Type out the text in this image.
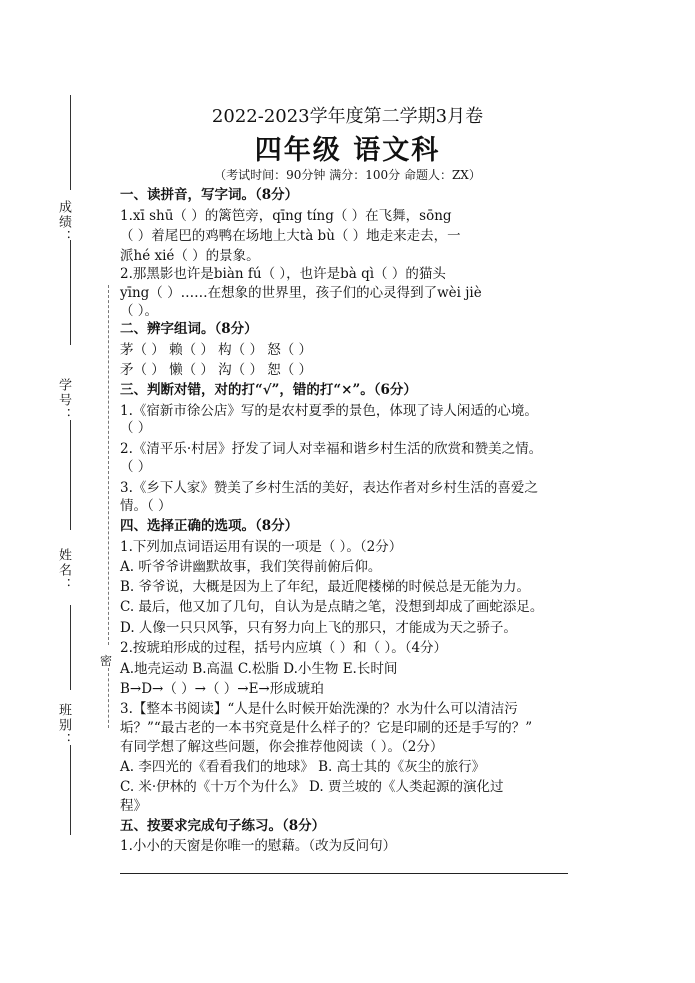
成绩：
学号：
姓名：
班别：
密
2022-2023学年度第二学期3月卷
四年级 语文科
（考试时间：90分钟 满分：100分 命题人：ZX）
一、读拼音，写字词。（8分）
1.xī shū（ ）的篱笆旁，qīng tíng（ ）在飞舞，sōng
（ ）着尾巴的鸡鸭在场地上大tà bù（ ）地走来走去，一
派hé xié（ ）的景象。
2.那黑影也许是biàn fú（ ），也许是bà qì（ ）的猫头
yīng（ ）……在想象的世界里，孩子们的心灵得到了wèi jiè
（ ）。
二、辨字组词。（8分）
茅（ ） 赖（ ） 构（ ） 怒（ ）
矛（ ） 懒（ ） 沟（ ） 恕（ ）
三、判断对错，对的打“√”，错的打“×”。（6分）
1.《宿新市徐公店》写的是农村夏季的景色，体现了诗人闲适的心境。
（ ）
2.《清平乐·村居》抒发了词人对幸福和谐乡村生活的欣赏和赞美之情。
（ ）
3.《乡下人家》赞美了乡村生活的美好，表达作者对乡村生活的喜爱之
情。（ ）
四、选择正确的选项。（8分）
1.下列加点词语运用有误的一项是（ ）。（2分）
A. 听爷爷讲幽默故事，我们笑得前俯后仰。
B. 爷爷说，大概是因为上了年纪，最近爬楼梯的时候总是无能为力。
C. 最后，他又加了几句，自认为是点睛之笔，没想到却成了画蛇添足。
D. 人像一只只风筝，只有努力向上飞的那只，才能成为天之骄子。
2.按琥珀形成的过程，括号内应填（ ）和（ ）。（4分）
A.地壳运动 B.高温 C.松脂 D.小生物 E.长时间
B→D→（ ）→（ ）→E→形成琥珀
3.【整本书阅读】“人是什么时候开始洗澡的？水为什么可以清洁污
垢？”“最古老的一本书究竟是什么样子的？它是印刷的还是手写的？”
有同学想了解这些问题，你会推荐他阅读（ ）。（2分）
A. 李四光的《看看我们的地球》 B. 高士其的《灰尘的旅行》
C. 米·伊林的《十万个为什么》 D. 贾兰坡的《人类起源的演化过
程》
五、按要求完成句子练习。（8分）
1.小小的天窗是你唯一的慰藉。（改为反问句）
